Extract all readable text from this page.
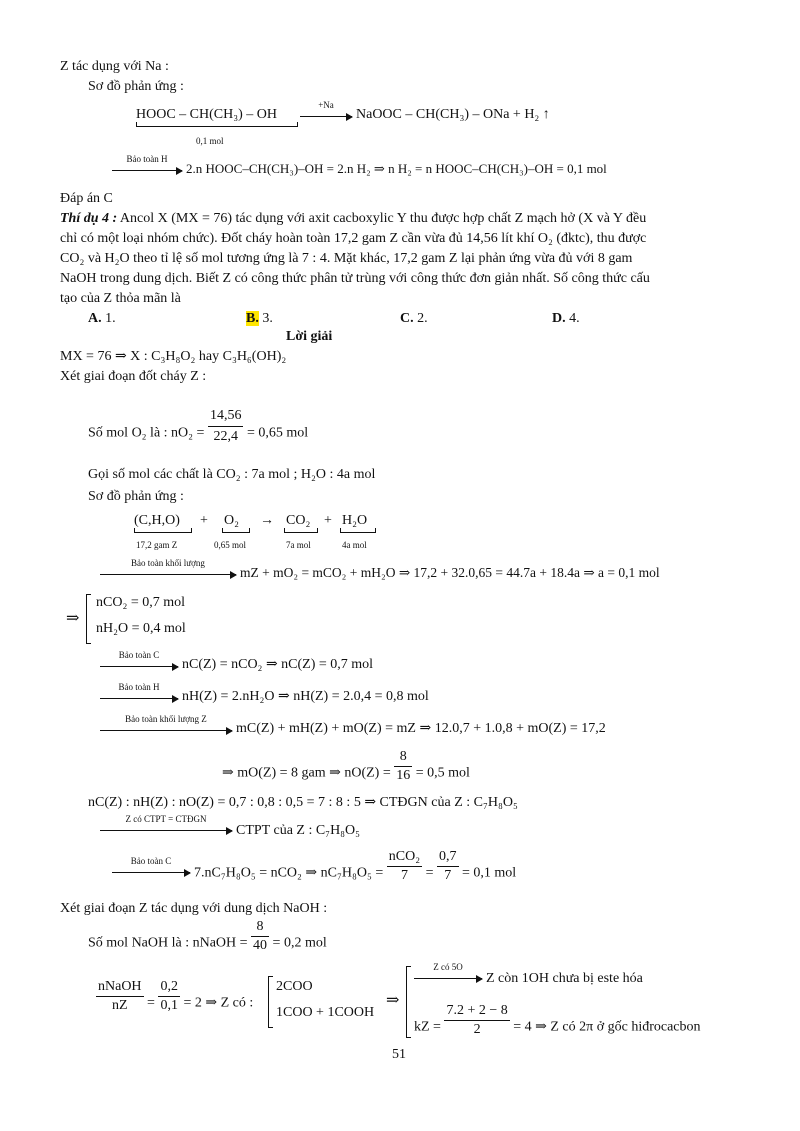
Z tác dụng với Na :
Sơ đồ phản ứng :
HOOC – CH(CH₃) – OH
0,1 mol
+Na
→ NaOOC – CH(CH₃) – ONa + H₂ ↑
Bảo toàn H
2.n HOOC–CH(CH₃)–OH = 2.n H₂ ⇒ n H₂ = n HOOC–CH(CH₃)–OH = 0,1 mol
Đáp án C
Thí dụ 4 : Ancol X (MX = 76) tác dụng với axit cacboxylic Y thu được hợp chất Z mạch hở (X và Y đều
chỉ có một loại nhóm chức). Đốt cháy hoàn toàn 17,2 gam Z cần vừa đủ 14,56 lít khí O₂ (đktc), thu được
CO₂ và H₂O theo tỉ lệ số mol tương ứng là 7 : 4. Mặt khác, 17,2 gam Z lại phản ứng vừa đủ với 8 gam
NaOH trong dung dịch. Biết Z có công thức phân tử trùng với công thức đơn giản nhất. Số công thức cấu
tạo của Z thỏa mãn là
A. 1.	B. 3.	C. 2.	D. 4.
Lời giải
MX = 76 ⇒ X : C₃H₈O₂ hay C₃H₆(OH)₂
Xét giai đoạn đốt cháy Z :
Số mol O₂ là : $nO_2 = \frac{14,56}{22,4} = 0,65$ mol
Gọi số mol các chất là CO₂ : 7a mol ; H₂O : 4a mol
Sơ đồ phản ứng :
(C,H,O)
17,2 gam Z
+ O₂
0,65 mol
→ CO₂
7a mol
+ H₂O
4a mol
Bảo toàn khối lượng
mZ + mO₂ = mCO₂ + mH₂O ⇒ 17,2 + 32.0,65 = 44.7a + 18.4a ⇒ a = 0,1 mol
⇒
nCO₂ = 0,7 mol
nH₂O = 0,4 mol
Bảo toàn C
nC(Z) = nCO₂ ⇒ nC(Z) = 0,7 mol
Bảo toàn H
nH(Z) = 2.nH₂O ⇒ nH(Z) = 2.0,4 = 0,8 mol
Bảo toàn khối lượng Z
mC(Z) + mH(Z) + mO(Z) = mZ ⇒ 12.0,7 + 1.0,8 + mO(Z) = 17,2
⇒ mO(Z) = 8 gam ⇒ $nO(Z) = \frac{8}{16} = 0,5$ mol
nC(Z) : nH(Z) : nO(Z) = 0,7 : 0,8 : 0,5 = 7 : 8 : 5 ⇒ CTĐGN của Z : C₇H₈O₅
Z có CTPT = CTĐGN
CTPT của Z : C₇H₈O₅
Bảo toàn C
7.nC₇H₈O₅ = nCO₂ ⇒ $nC_7H_8O_5 = \frac{\text{nCO₂}}{7} = \frac{0,7}{7} = 0,1$ mol
Xét giai đoạn Z tác dụng với dung dịch NaOH :
Số mol NaOH là : nNaOH = $\frac{8}{40} = 0,2$ mol
$\frac{\text{nNaOH}}{nZ} = \frac{0,2}{0,1} = 2$ ⇒ Z có :
2COO
1COO + 1COOH
⇒
Z có 5O
Z còn 1OH chưa bị este hóa
kZ = $\frac{7.2 + 2 - 8}{2} = 4$ ⇒ Z có 2π ở gốc hiđrocacbon
51
